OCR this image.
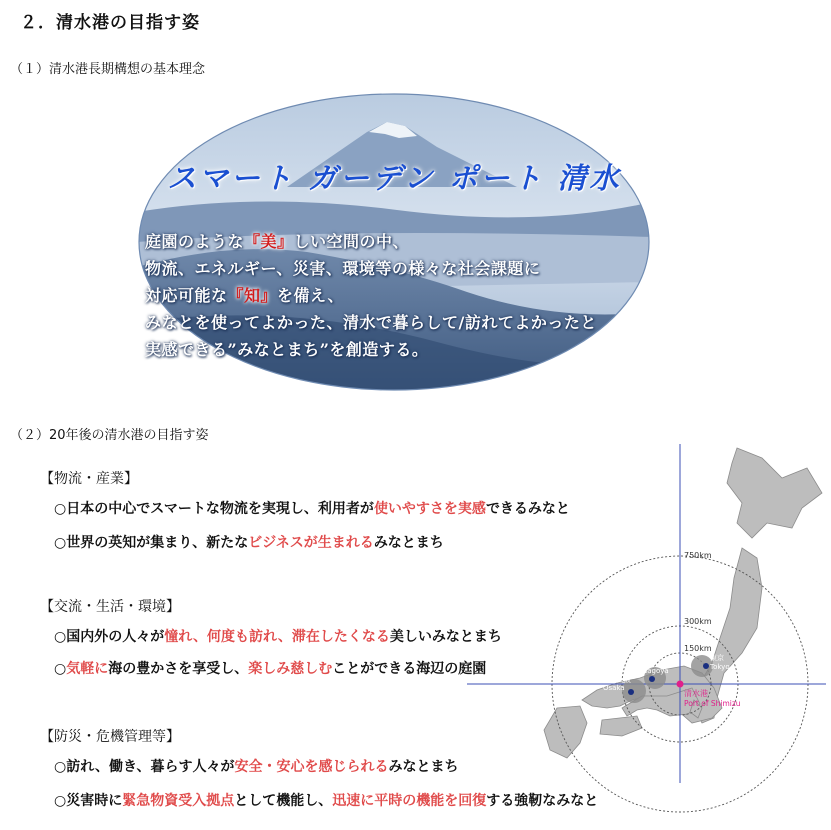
２．清水港の目指す姿
（１）清水港長期構想の基本理念
スマート ガーデン ポート 清水
庭園のような『美』しい空間の中、
物流、エネルギー、災害、環境等の様々な社会課題に
対応可能な『知』を備え、
みなとを使ってよかった、清水で暮らして/訪れてよかったと
実感できる”みなとまち”を創造する。
（２）20年後の清水港の目指す姿
750km
300km
150km
東京
Tokyo
名古屋
Nagoya
大阪
Osaka
清水港
Port of Shimizu
【物流・産業】
○日本の中心でスマートな物流を実現し、利用者が使いやすさを実感できるみなと
○世界の英知が集まり、新たなビジネスが生まれるみなとまち
【交流・生活・環境】
○国内外の人々が憧れ、何度も訪れ、滞在したくなる美しいみなとまち
○気軽に海の豊かさを享受し、楽しみ慈しむことができる海辺の庭園
【防災・危機管理等】
○訪れ、働き、暮らす人々が安全・安心を感じられるみなとまち
○災害時に緊急物資受入拠点として機能し、迅速に平時の機能を回復する強靭なみなと
